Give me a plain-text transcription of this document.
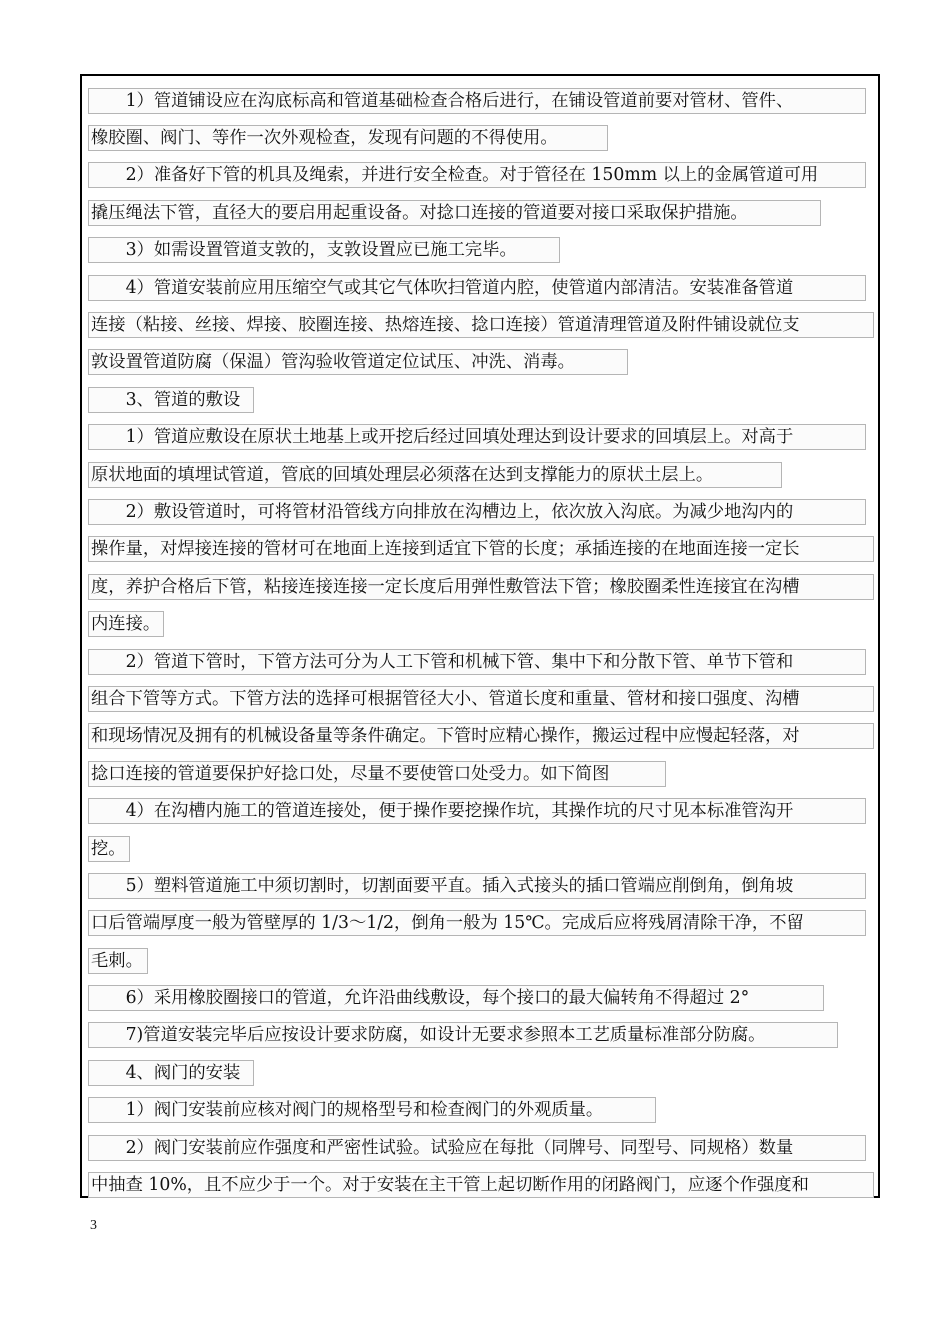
　　1）管道铺设应在沟底标高和管道基础检查合格后进行，在铺设管道前要对管材、管件、
橡胶圈、阀门、等作一次外观检查，发现有问题的不得使用。
　　2）准备好下管的机具及绳索，并进行安全检查。对于管径在 150mm 以上的金属管道可用
撬压绳法下管，直径大的要启用起重设备。对捻口连接的管道要对接口采取保护措施。
　　3）如需设置管道支敦的，支敦设置应已施工完毕。
　　4）管道安装前应用压缩空气或其它气体吹扫管道内腔，使管道内部清洁。安装准备管道
连接（粘接、丝接、焊接、胶圈连接、热熔连接、捻口连接）管道清理管道及附件铺设就位支
敦设置管道防腐（保温）管沟验收管道定位试压、冲洗、消毒。
　　3、管道的敷设
　　1）管道应敷设在原状土地基上或开挖后经过回填处理达到设计要求的回填层上。对高于
原状地面的填埋试管道，管底的回填处理层必须落在达到支撑能力的原状土层上。
　　2）敷设管道时，可将管材沿管线方向排放在沟槽边上，依次放入沟底。为减少地沟内的
操作量，对焊接连接的管材可在地面上连接到适宜下管的长度；承插连接的在地面连接一定长
度，养护合格后下管，粘接连接连接一定长度后用弹性敷管法下管；橡胶圈柔性连接宜在沟槽
内连接。
　　2）管道下管时，下管方法可分为人工下管和机械下管、集中下和分散下管、单节下管和
组合下管等方式。下管方法的选择可根据管径大小、管道长度和重量、管材和接口强度、沟槽
和现场情况及拥有的机械设备量等条件确定。下管时应精心操作，搬运过程中应慢起轻落，对
捻口连接的管道要保护好捻口处，尽量不要使管口处受力。如下简图
　　4）在沟槽内施工的管道连接处，便于操作要挖操作坑，其操作坑的尺寸见本标准管沟开
挖。
　　5）塑料管道施工中须切割时，切割面要平直。插入式接头的插口管端应削倒角，倒角坡
口后管端厚度一般为管壁厚的 1/3～1/2，倒角一般为 15℃。完成后应将残屑清除干净，不留
毛刺。
　　6）采用橡胶圈接口的管道，允许沿曲线敷设，每个接口的最大偏转角不得超过 2°
　　7)管道安装完毕后应按设计要求防腐，如设计无要求参照本工艺质量标准部分防腐。
　　4、阀门的安装
　　1）阀门安装前应核对阀门的规格型号和检查阀门的外观质量。
　　2）阀门安装前应作强度和严密性试验。试验应在每批（同牌号、同型号、同规格）数量
中抽查 10%，且不应少于一个。对于安装在主干管上起切断作用的闭路阀门，应逐个作强度和
3
